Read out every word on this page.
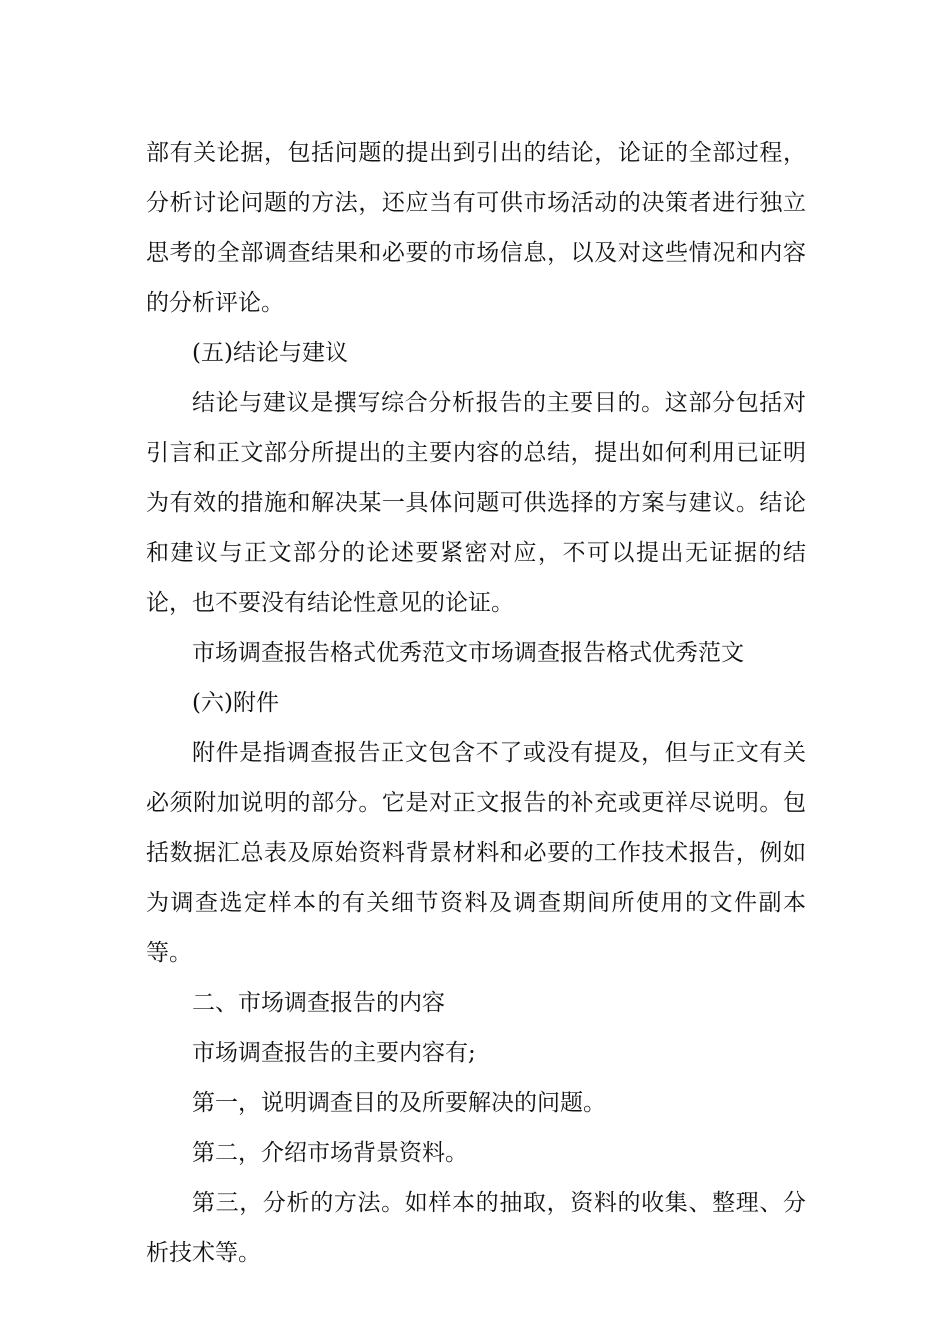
部有关论据，包括问题的提出到引出的结论，论证的全部过程，分析讨论问题的方法，还应当有可供市场活动的决策者进行独立思考的全部调查结果和必要的市场信息，以及对这些情况和内容的分析评论。

(五)结论与建议

结论与建议是撰写综合分析报告的主要目的。这部分包括对引言和正文部分所提出的主要内容的总结，提出如何利用已证明为有效的措施和解决某一具体问题可供选择的方案与建议。结论和建议与正文部分的论述要紧密对应，不可以提出无证据的结论，也不要没有结论性意见的论证。

市场调查报告格式优秀范文市场调查报告格式优秀范文

(六)附件

附件是指调查报告正文包含不了或没有提及，但与正文有关必须附加说明的部分。它是对正文报告的补充或更祥尽说明。包括数据汇总表及原始资料背景材料和必要的工作技术报告，例如为调查选定样本的有关细节资料及调查期间所使用的文件副本等。

二、市场调查报告的内容

市场调查报告的主要内容有;

第一，说明调查目的及所要解决的问题。

第二，介绍市场背景资料。

第三，分析的方法。如样本的抽取，资料的收集、整理、分析技术等。
